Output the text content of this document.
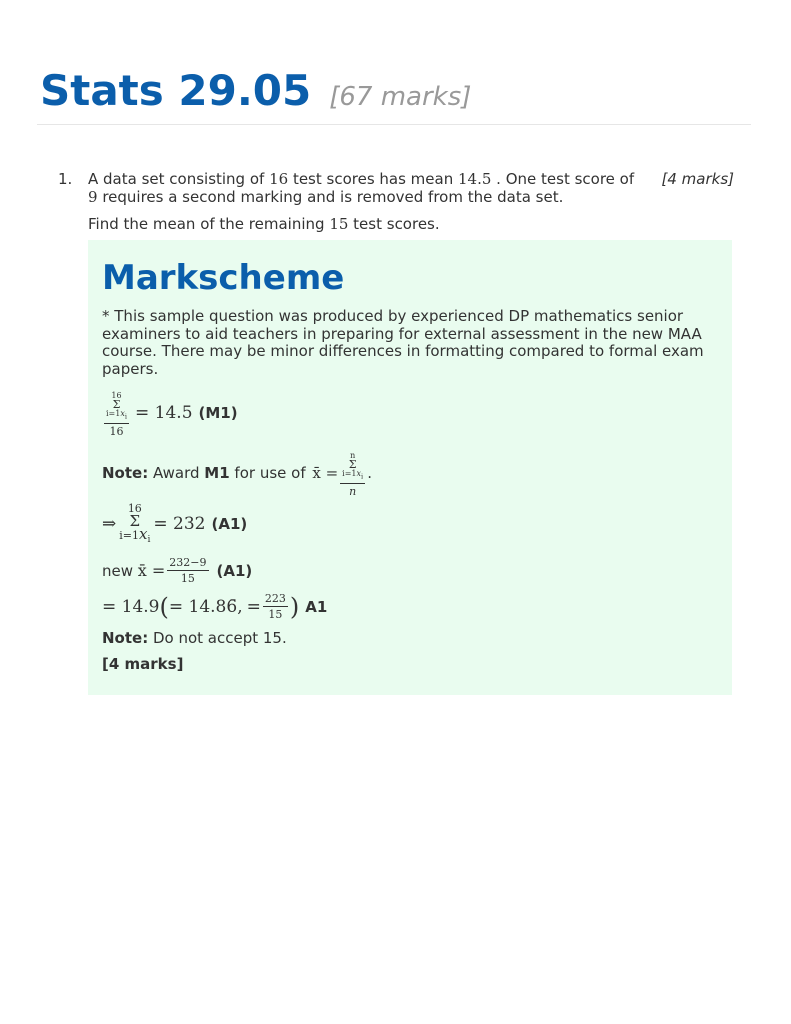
Stats 29.05 [67 marks]
1. A data set consisting of 16 test scores has mean 14.5 . One test score of [4 marks]
9 requires a second marking and is removed from the data set.
Find the mean of the remaining 15 test scores.
Markscheme
* This sample question was produced by experienced DP mathematics senior examiners to aid teachers in preparing for external assessment in the new MAA course. There may be minor differences in formatting compared to formal exam papers.
16
Σ
$i=1x_i$
16 = 14.5 (M1)
Note: Award M1 for use of x̄ = n
Σ
$i=1x_i$
n .
⇒
16
Σ
$i=1x_i$
= 232 (A1)
new x̄ = $\frac{232-9}{15} (A1)$
= 14.9 ( = 14.86̄, = $\frac{223}{15}$ ) A1
Note: Do not accept 15.
[4 marks]
